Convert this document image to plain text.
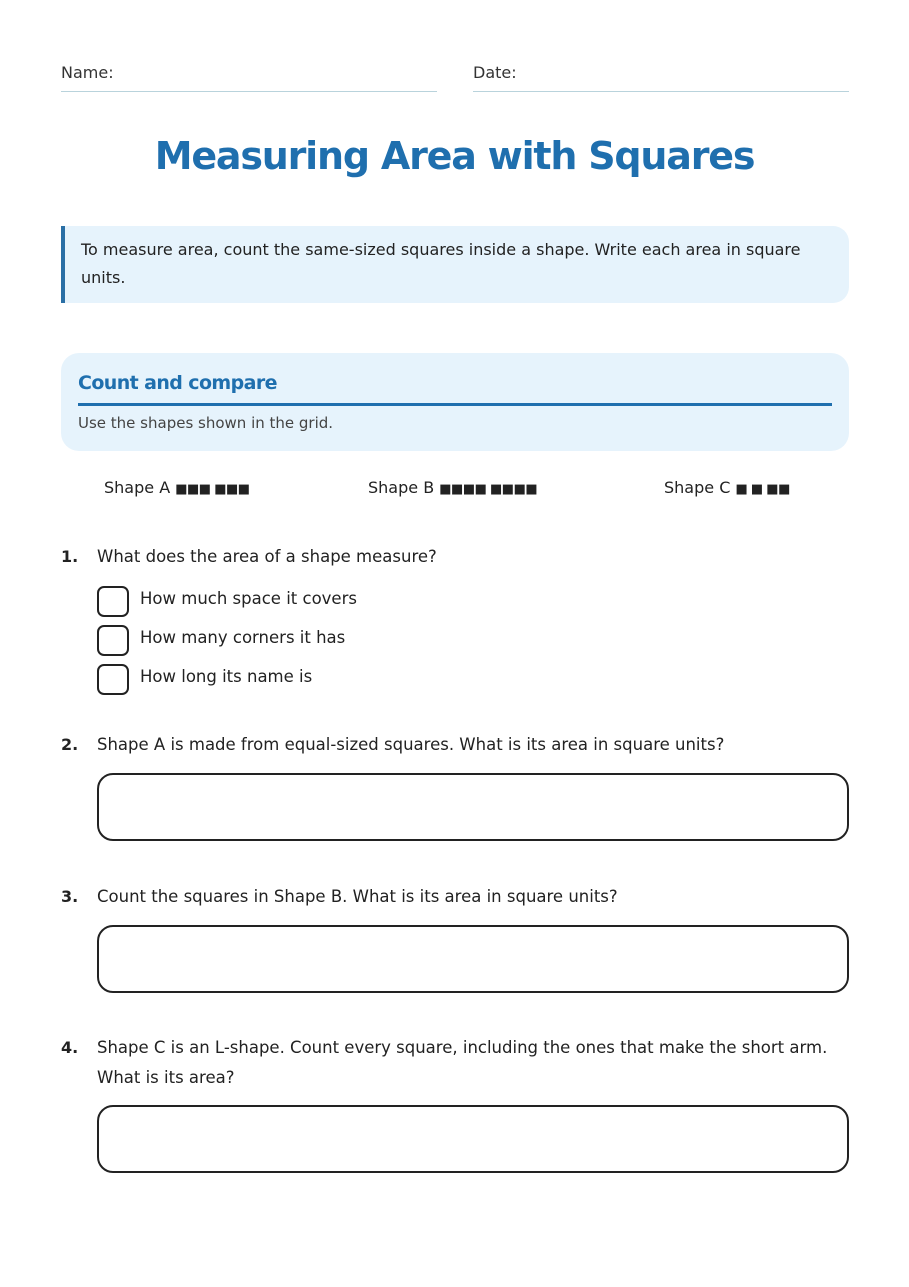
Name:	Date:
Measuring Area with Squares
To measure area, count the same-sized squares inside a shape. Write each area in square units.
Count and compare
Use the shapes shown in the grid.
Shape A ■■■ ■■■	Shape B ■■■■ ■■■■	Shape C ■ ■ ■■
1. What does the area of a shape measure?
How much space it covers
How many corners it has
How long its name is
2. Shape A is made from equal-sized squares. What is its area in square units?
3. Count the squares in Shape B. What is its area in square units?
4. Shape C is an L-shape. Count every square, including the ones that make the short arm. What is its area?
